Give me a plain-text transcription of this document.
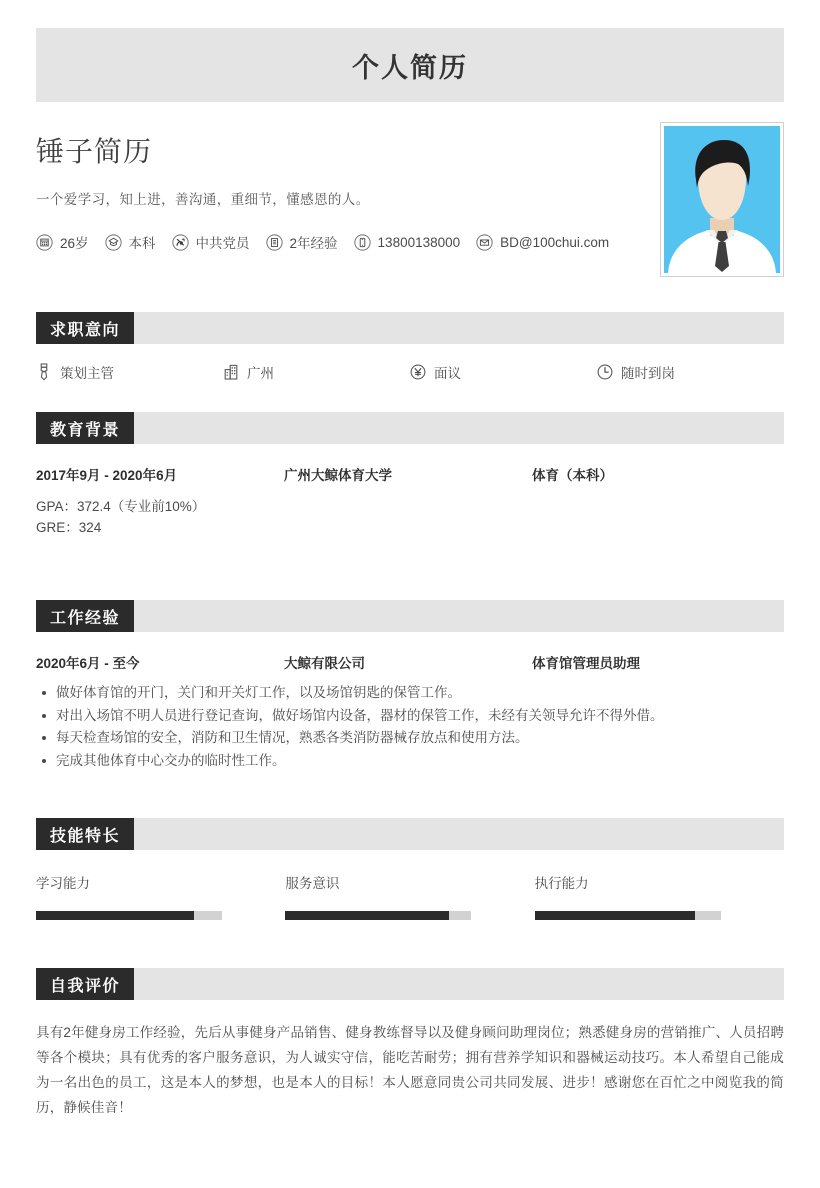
个人简历
锤子简历
一个爱学习，知上进，善沟通，重细节，懂感恩的人。
26岁	本科	中共党员	2年经验	13800138000	BD@100chui.com
求职意向
策划主管	广州	面议	随时到岗
教育背景
2017年9月 - 2020年6月	广州大鲸体育大学	体育（本科）
GPA：372.4（专业前10%）
GRE：324
工作经验
2020年6月 - 至今	大鲸有限公司	体育馆管理员助理
做好体育馆的开门，关门和开关灯工作，以及场馆钥匙的保管工作。
对出入场馆不明人员进行登记查询，做好场馆内设备，器材的保管工作，未经有关领导允许不得外借。
每天检查场馆的安全，消防和卫生情况，熟悉各类消防器械存放点和使用方法。
完成其他体育中心交办的临时性工作。
技能特长
学习能力	服务意识	执行能力
自我评价
具有2年健身房工作经验，先后从事健身产品销售、健身教练督导以及健身顾问助理岗位；熟悉健身房的营销推广、人员招聘等各个模块；具有优秀的客户服务意识，为人诚实守信，能吃苦耐劳；拥有营养学知识和器械运动技巧。本人希望自己能成为一名出色的员工，这是本人的梦想，也是本人的目标！本人愿意同贵公司共同发展、进步！感谢您在百忙之中阅览我的简历，静候佳音！
